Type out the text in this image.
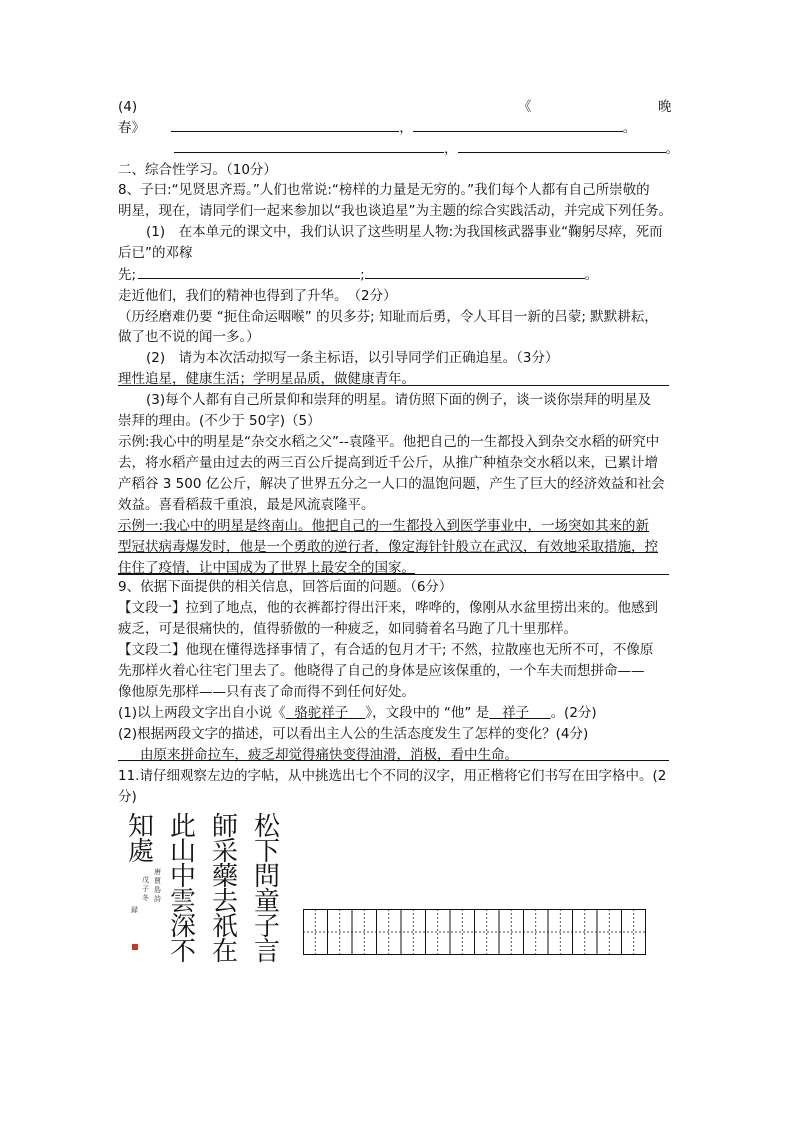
(4)	《	晚
春》	，	。
，	。
二、综合性学习。（10分）
8、子曰:“见贤思齐焉。”人们也常说:“榜样的力量是无穷的。”我们每个人都有自己所崇敬的
明星，现在，请同学们一起来参加以“我也谈追星”为主题的综合实践活动，并完成下列任务。
(1)　在本单元的课文中，我们认识了这些明星人物:为我国核武器事业“鞠躬尽瘁，死而
后已”的邓稼
先;	;	。
走近他们，我们的精神也得到了升华。　（2分）
（历经磨难仍要 “扼住命运咽喉” 的贝多芬; 知耻而后勇，令人耳目一新的吕蒙; 默默耕耘，
做了也不说的闻一多。）
(2)　请为本次活动拟写一条主标语，以引导同学们正确追星。（3分）
理性追星，健康生活；学明星品质，做健康青年。
(3)每个人都有自己所景仰和崇拜的明星。请仿照下面的例子，谈一谈你崇拜的明星及
崇拜的理由。(不少于 50字)（5）
示例:我心中的明星是“杂交水稻之父”--袁隆平。他把自己的一生都投入到杂交水稻的研究中
去，将水稻产量由过去的两三百公斤提高到近千公斤，从推广种植杂交水稻以来，已累计增
产稻谷 3 500 亿公斤，解决了世界五分之一人口的温饱问题，产生了巨大的经济效益和社会
效益。喜看稻菽千重浪，最是风流袁隆平。
示例一:我心中的明星是终南山。他把自己的一生都投入到医学事业中，一场突如其来的新
型冠状病毒爆发时，他是一个勇敢的逆行者，像定海针针般立在武汉，有效地采取措施，控
住住了疫情，让中国成为了世界上最安全的国家。
9、依据下面提供的相关信息，回答后面的问题。（6分）
【文段一】拉到了地点，他的衣裤都拧得出汗来，哗哗的，像刚从水盆里捞出来的。他感到
疲乏，可是很痛快的，值得骄傲的一种疲乏，如同骑着名马跑了几十里那样。
【文段二】他现在懂得选择事情了，有合适的包月才干; 不然，拉散座也无所不可，不像原
先那样火着心往宅门里去了。他晓得了自己的身体是应该保重的，一个车夫而想拼命——
像他原先那样——只有丧了命而得不到任何好处。
(1)以上两段文字出自小说《 骆驼祥子 》，文段中的 “他” 是 祥子 。(2分)
(2)根据两段文字的描述，可以看出主人公的生活态度发生了怎样的变化？(4分)
由原来拼命拉车，疲乏却觉得痛快变得油滑，消极，看中生命。
11.请仔细观察左边的字帖，从中挑选出七个不同的汉字，用正楷将它们书写在田字格中。(2
分)
松
下
問
童
子
言
師
采
藥
去
祇
在
此
山
中
雲
深
不
知
處
唐
賈
島
詩
戊
子
冬
録
